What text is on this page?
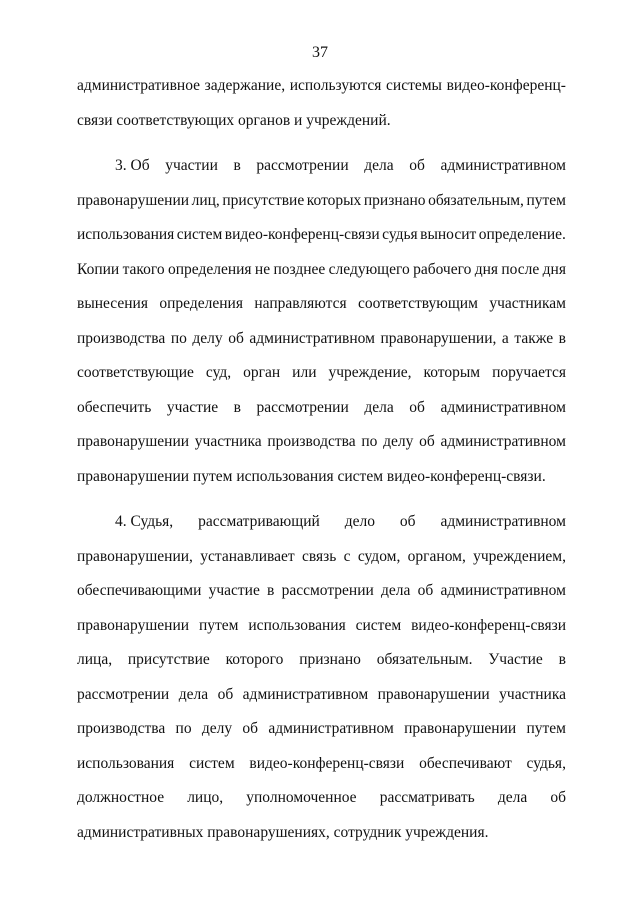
37
административное задержание, используются системы видео-конференц-
связи соответствующих органов и учреждений.
3. Об участии в рассмотрении дела об административном
правонарушении лиц, присутствие которых признано обязательным, путем
использования систем видео-конференц-связи судья выносит определение.
Копии такого определения не позднее следующего рабочего дня после дня
вынесения определения направляются соответствующим участникам
производства по делу об административном правонарушении, а также в
соответствующие суд, орган или учреждение, которым поручается
обеспечить участие в рассмотрении дела об административном
правонарушении участника производства по делу об административном
правонарушении путем использования систем видео-конференц-связи.
4. Судья, рассматривающий дело об административном
правонарушении, устанавливает связь с судом, органом, учреждением,
обеспечивающими участие в рассмотрении дела об административном
правонарушении путем использования систем видео-конференц-связи
лица, присутствие которого признано обязательным. Участие в
рассмотрении дела об административном правонарушении участника
производства по делу об административном правонарушении путем
использования систем видео-конференц-связи обеспечивают судья,
должностное лицо, уполномоченное рассматривать дела об
административных правонарушениях, сотрудник учреждения.
